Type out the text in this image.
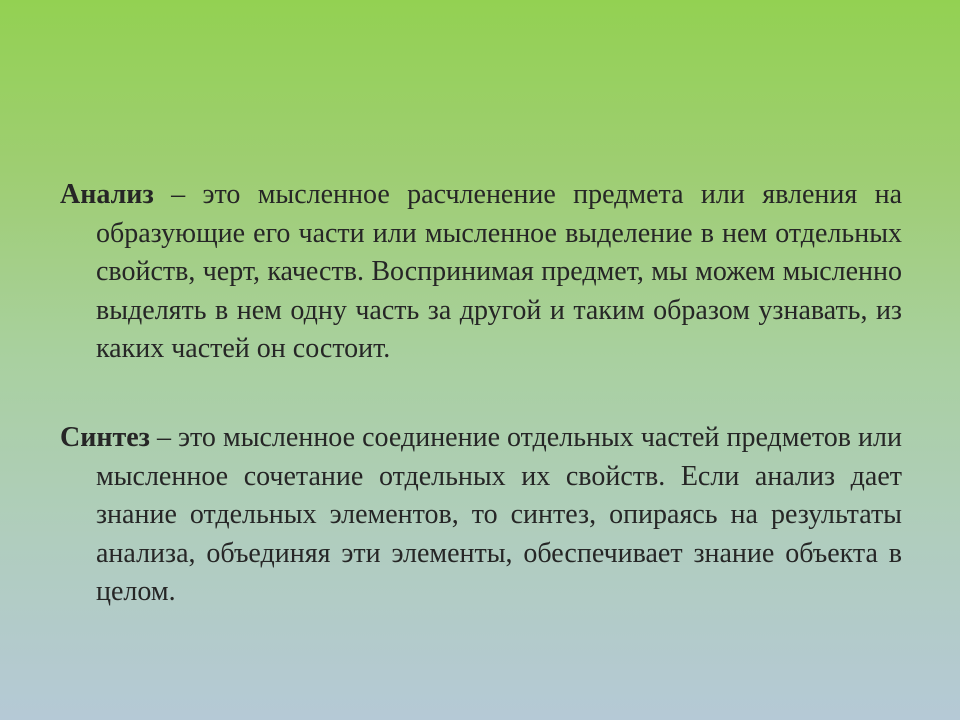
Анализ – это мысленное расчленение предмета или явления на образующие его части или мысленное выделение в нем отдельных свойств, черт, качеств. Воспринимая предмет, мы можем мысленно выделять в нем одну часть за другой и таким образом узнавать, из каких частей он состоит.

Синтез – это мысленное соединение отдельных частей предметов или мысленное сочетание отдельных их свойств. Если анализ дает знание отдельных элементов, то синтез, опираясь на результаты анализа, объединяя эти элементы, обеспечивает знание объекта в целом.
